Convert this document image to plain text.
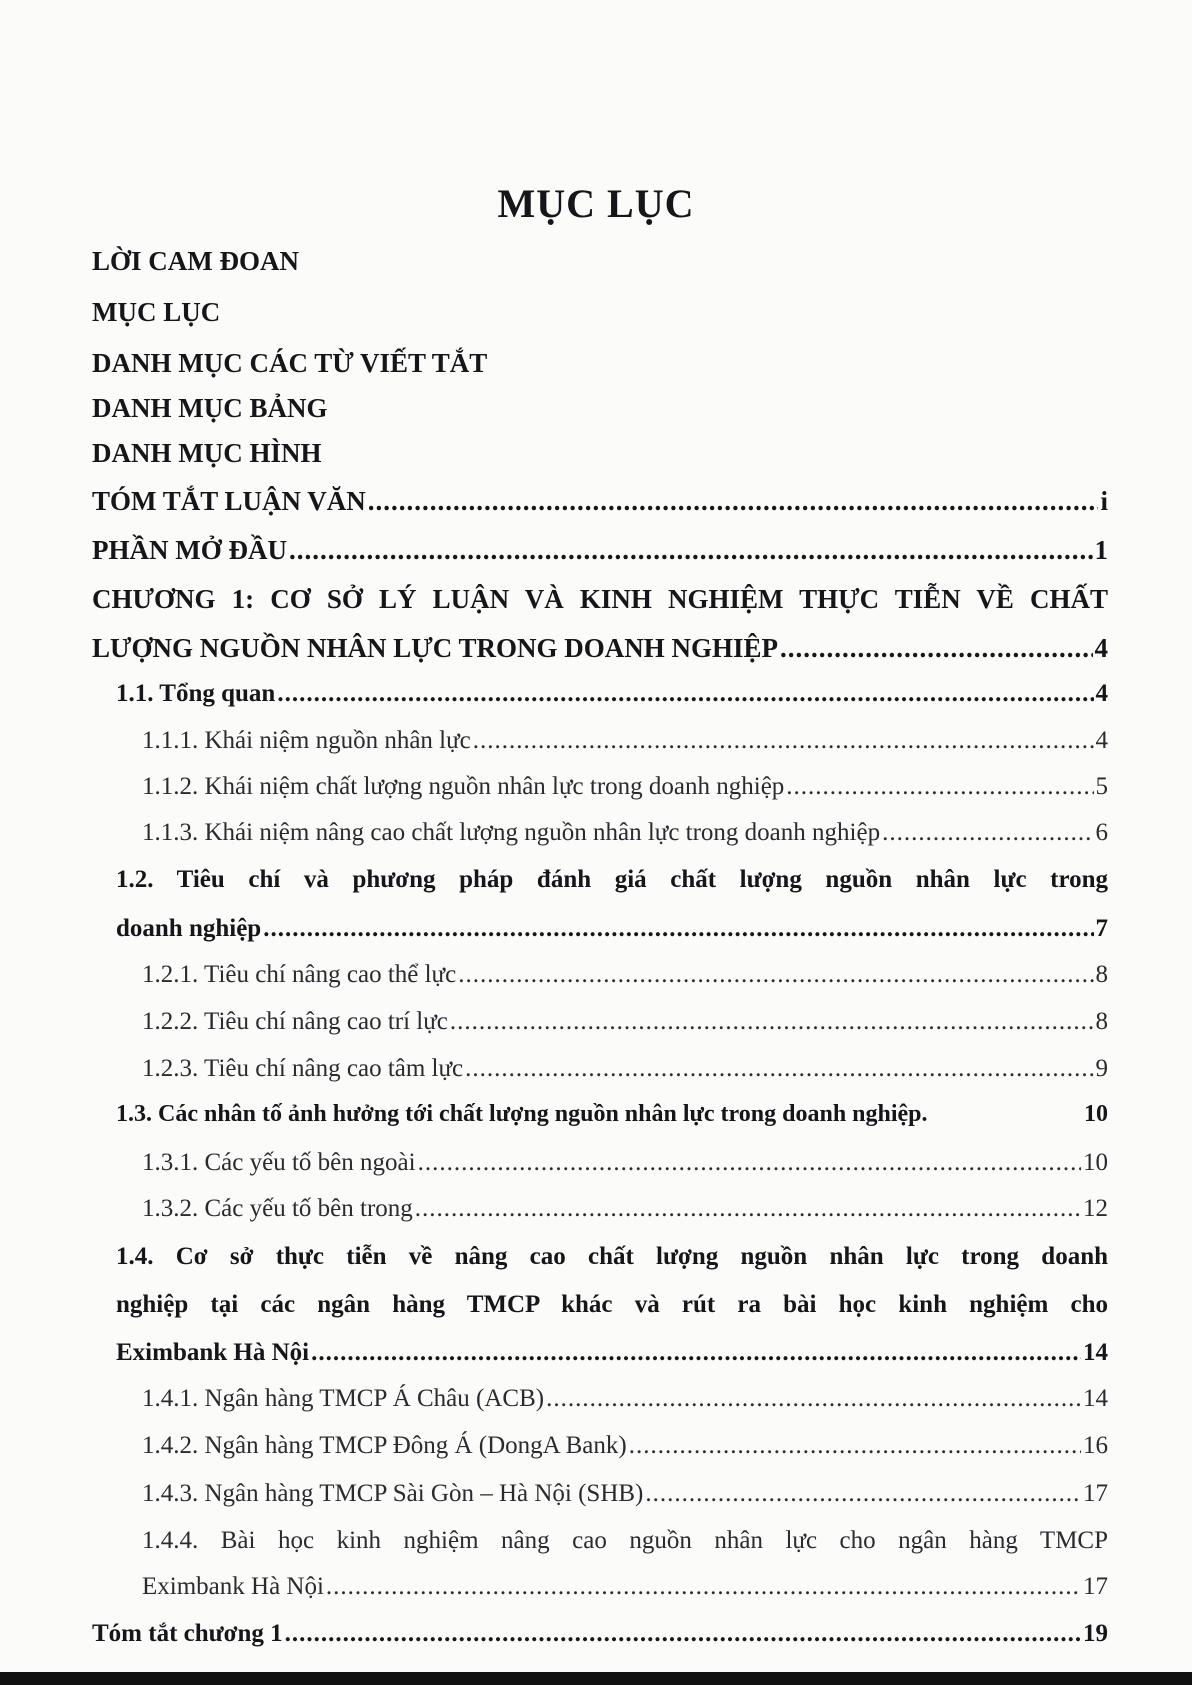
MỤC LỤC
LỜI CAM ĐOAN
MỤC LỤC
DANH MỤC CÁC TỪ VIẾT TẮT
DANH MỤC BẢNG
DANH MỤC HÌNH
TÓM TẮT LUẬN VĂN .....	i
PHẦN MỞ ĐẦU .....	1
CHƯƠNG 1: CƠ SỞ LÝ LUẬN VÀ KINH NGHIỆM THỰC TIỄN VỀ CHẤT
LƯỢNG NGUỒN NHÂN LỰC TRONG DOANH NGHIỆP .....	4
1.1. Tổng quan .....	4
1.1.1. Khái niệm nguồn nhân lực .....	4
1.1.2. Khái niệm chất lượng nguồn nhân lực trong doanh nghiệp .....	5
1.1.3. Khái niệm nâng cao chất lượng nguồn nhân lực trong doanh nghiệp .....	6
1.2. Tiêu chí và phương pháp đánh giá chất lượng nguồn nhân lực trong
doanh nghiệp .....	7
1.2.1. Tiêu chí nâng cao thể lực .....	8
1.2.2. Tiêu chí nâng cao trí lực .....	8
1.2.3. Tiêu chí nâng cao tâm lực .....	9
1.3. Các nhân tố ảnh hưởng tới chất lượng nguồn nhân lực trong doanh nghiệp.	10
1.3.1. Các yếu tố bên ngoài .....	10
1.3.2. Các yếu tố bên trong .....	12
1.4. Cơ sở thực tiễn về nâng cao chất lượng nguồn nhân lực trong doanh
nghiệp tại các ngân hàng TMCP khác và rút ra bài học kinh nghiệm cho
Eximbank Hà Nội .....	14
1.4.1. Ngân hàng TMCP Á Châu (ACB) .....	14
1.4.2. Ngân hàng TMCP Đông Á (DongA Bank) .....	16
1.4.3. Ngân hàng TMCP Sài Gòn – Hà Nội (SHB) .....	17
1.4.4. Bài học kinh nghiệm nâng cao nguồn nhân lực cho ngân hàng TMCP
Eximbank Hà Nội .....	17
Tóm tắt chương 1 .....	19
